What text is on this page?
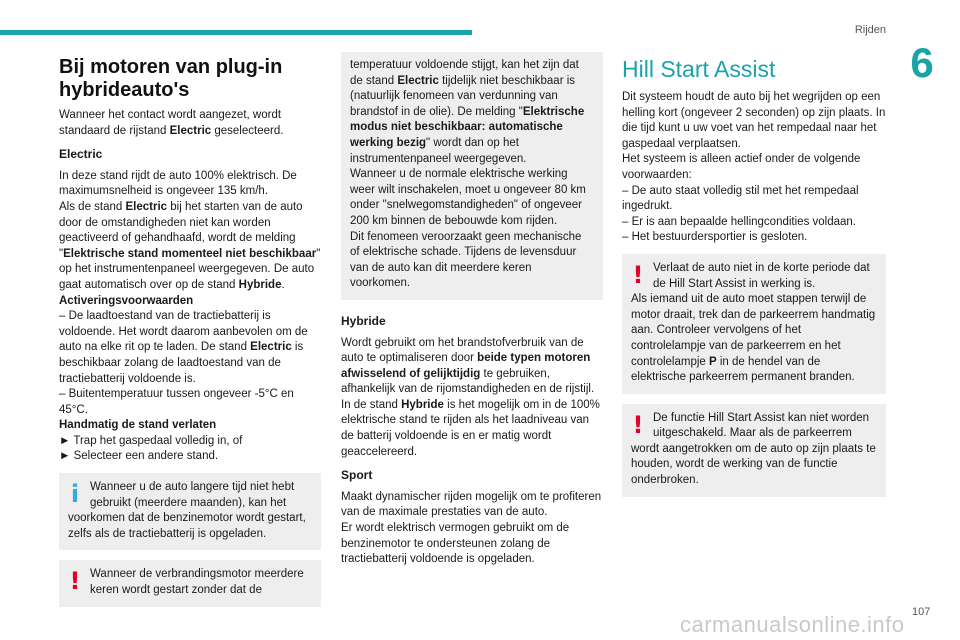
Rijden
6
Bij motoren van plug-in hybrideauto's

Wanneer het contact wordt aangezet, wordt standaard de rijstand Electric geselecteerd.

Electric

In deze stand rijdt de auto 100% elektrisch. De maximumsnelheid is ongeveer 135 km/h.

Als de stand Electric bij het starten van de auto door de omstandigheden niet kan worden geactiveerd of gehandhaafd, wordt de melding "Elektrische stand momenteel niet beschikbaar" op het instrumentenpaneel weergegeven. De auto gaat automatisch over op de stand Hybride.

Activeringsvoorwaarden

– De laadtoestand van de tractiebatterij is voldoende. Het wordt daarom aanbevolen om de auto na elke rit op te laden. De stand Electric is beschikbaar zolang de laadtoestand van de tractiebatterij voldoende is.

– Buitentemperatuur tussen ongeveer -5°C en 45°C.

Handmatig de stand verlaten

► Trap het gaspedaal volledig in, of

► Selecteer een andere stand.

i Wanneer u de auto langere tijd niet hebt gebruikt (meerdere maanden), kan het voorkomen dat de benzinemotor wordt gestart, zelfs als de tractiebatterij is opgeladen.
! Wanneer de verbrandingsmotor meerdere keren wordt gestart zonder dat de

temperatuur voldoende stijgt, kan het zijn dat de stand Electric tijdelijk niet beschikbaar is (natuurlijk fenomeen van verdunning van brandstof in de olie). De melding "Elektrische modus niet beschikbaar: automatische werking bezig" wordt dan op het instrumentenpaneel weergegeven.

Wanneer u de normale elektrische werking weer wilt inschakelen, moet u ongeveer 80 km onder "snelwegomstandigheden" of ongeveer 200 km binnen de bebouwde kom rijden.

Dit fenomeen veroorzaakt geen mechanische of elektrische schade. Tijdens de levensduur van de auto kan dit meerdere keren voorkomen.

Hybride

Wordt gebruikt om het brandstofverbruik van de auto te optimaliseren door beide typen motoren afwisselend of gelijktijdig te gebruiken, afhankelijk van de rijomstandigheden en de rijstijl.

In de stand Hybride is het mogelijk om in de 100% elektrische stand te rijden als het laadniveau van de batterij voldoende is en er matig wordt geaccelereerd.

Sport

Maakt dynamischer rijden mogelijk om te profiteren van de maximale prestaties van de auto.

Er wordt elektrisch vermogen gebruikt om de benzinemotor te ondersteunen zolang de tractiebatterij voldoende is opgeladen.

Hill Start Assist

Dit systeem houdt de auto bij het wegrijden op een helling kort (ongeveer 2 seconden) op zijn plaats. In die tijd kunt u uw voet van het rempedaal naar het gaspedaal verplaatsen.

Het systeem is alleen actief onder de volgende voorwaarden:

– De auto staat volledig stil met het rempedaal ingedrukt.

– Er is aan bepaalde hellingcondities voldaan.

– Het bestuurdersportier is gesloten.

! Verlaat de auto niet in de korte periode dat de Hill Start Assist in werking is.

Als iemand uit de auto moet stappen terwijl de motor draait, trek dan de parkeerrem handmatig aan. Controleer vervolgens of het controlelampje van de parkeerrem en het controlelampje P in de hendel van de elektrische parkeerrem permanent branden.

! De functie Hill Start Assist kan niet worden uitgeschakeld. Maar als de parkeerrem wordt aangetrokken om de auto op zijn plaats te houden, wordt de werking van de functie onderbroken.
carmanualsonline.info 107
